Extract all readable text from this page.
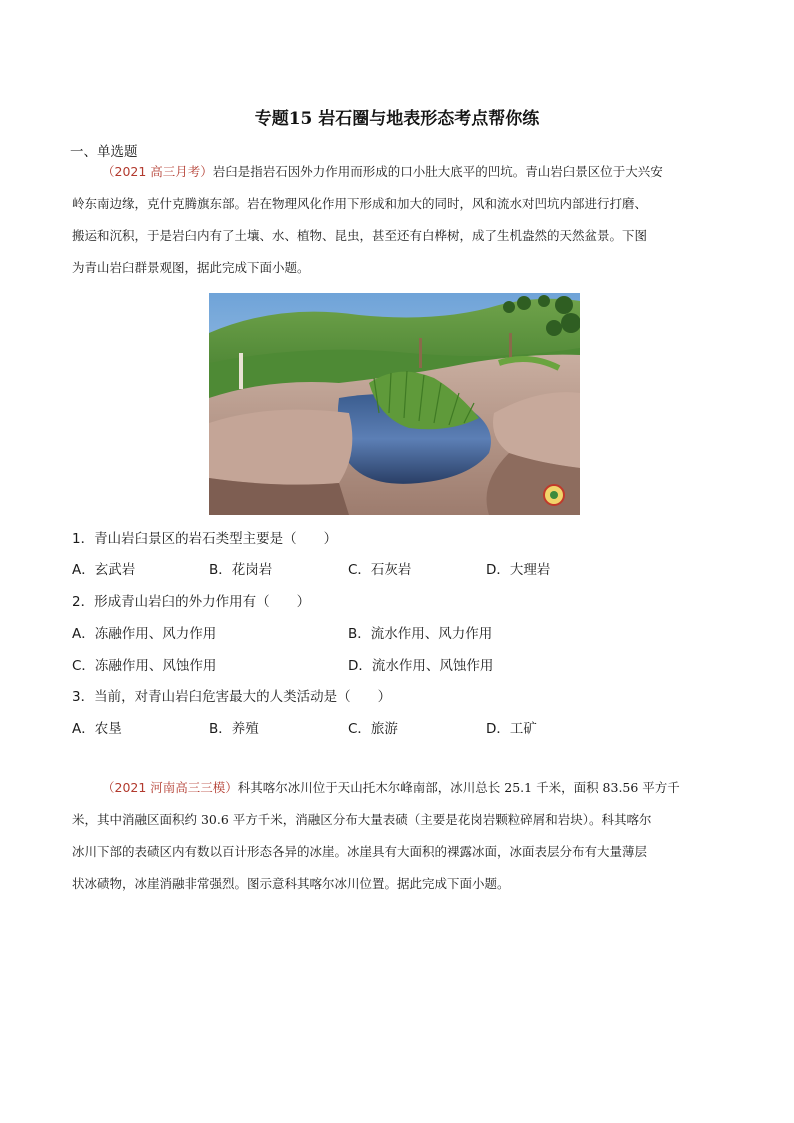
专题15 岩石圈与地表形态考点帮你练
一、单选题
（2021 高三月考）岩臼是指岩石因外力作用而形成的口小肚大底平的凹坑。青山岩臼景区位于大兴安
岭东南边缘，克什克腾旗东部。岩在物理风化作用下形成和加大的同时，风和流水对凹坑内部进行打磨、
搬运和沉积，于是岩臼内有了土壤、水、植物、昆虫，甚至还有白桦树，成了生机盎然的天然盆景。下图
为青山岩臼群景观图，据此完成下面小题。
1．青山岩臼景区的岩石类型主要是（　　）
A．玄武岩	B．花岗岩	C．石灰岩	D．大理岩
2．形成青山岩臼的外力作用有（　　）
A．冻融作用、风力作用	B．流水作用、风力作用
C．冻融作用、风蚀作用	D．流水作用、风蚀作用
3．当前，对青山岩臼危害最大的人类活动是（　　）
A．农垦	B．养殖	C．旅游	D．工矿
（2021 河南高三三模）科其喀尔冰川位于天山托木尔峰南部，冰川总长 25.1 千米，面积 83.56 平方千
米，其中消融区面积约 30.6 平方千米，消融区分布大量表碛（主要是花岗岩颗粒碎屑和岩块）。科其喀尔
冰川下部的表碛区内有数以百计形态各异的冰崖。冰崖具有大面积的裸露冰面，冰面表层分布有大量薄层
状冰碛物，冰崖消融非常强烈。图示意科其喀尔冰川位置。据此完成下面小题。
